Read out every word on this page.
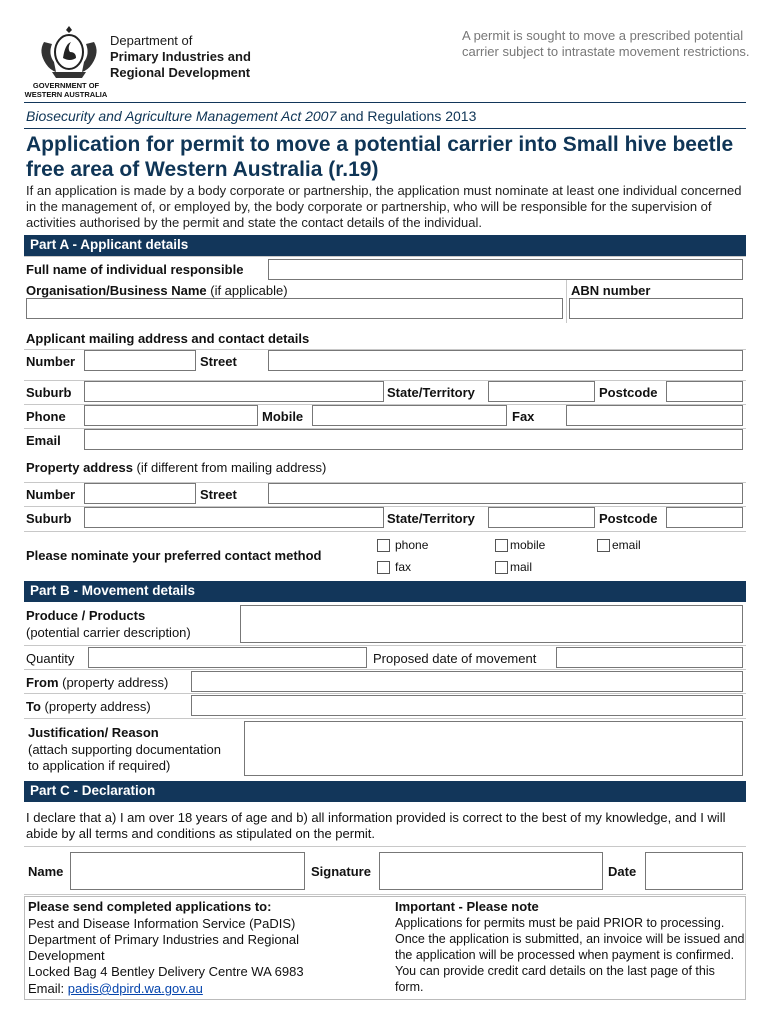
GOVERNMENT OF
WESTERN AUSTRALIA
Department of
Primary Industries and
Regional Development
A permit is sought to move a prescribed potential carrier subject to intrastate movement restrictions.
Biosecurity and Agriculture Management Act 2007 and Regulations 2013
Application for permit to move a potential carrier into Small hive beetle free area of Western Australia (r.19)
If an application is made by a body corporate or partnership, the application must nominate at least one individual concerned in the management of, or employed by, the body corporate or partnership, who will be responsible for the supervision of activities authorised by the permit and state the contact details of the individual.
Part A - Applicant details
Full name of individual responsible
Organisation/Business Name (if applicable)	ABN number
Applicant mailing address and contact details
Number	Street
Suburb	State/Territory	Postcode
Phone	Mobile	Fax
Email
Property address (if different from mailing address)
Number	Street
Suburb	State/Territory	Postcode
Please nominate your preferred contact method
phone	mobile	email
fax	mail
Part B - Movement details
Produce / Products
(potential carrier description)
Quantity	Proposed date of movement
From (property address)
To (property address)
Justification/ Reason
(attach supporting documentation
to application if required)
Part C - Declaration
I declare that a) I am over 18 years of age and b) all information provided is correct to the best of my knowledge, and I will abide by all terms and conditions as stipulated on the permit.
Name	Signature	Date
Please send completed applications to:
Pest and Disease Information Service (PaDIS)
Department of Primary Industries and Regional
Development
Locked Bag 4 Bentley Delivery Centre WA 6983
Email: padis@dpird.wa.gov.au
Important - Please note
Applications for permits must be paid PRIOR to processing. Once the application is submitted, an invoice will be issued and the application will be processed when payment is confirmed. You can provide credit card details on the last page of this form.
